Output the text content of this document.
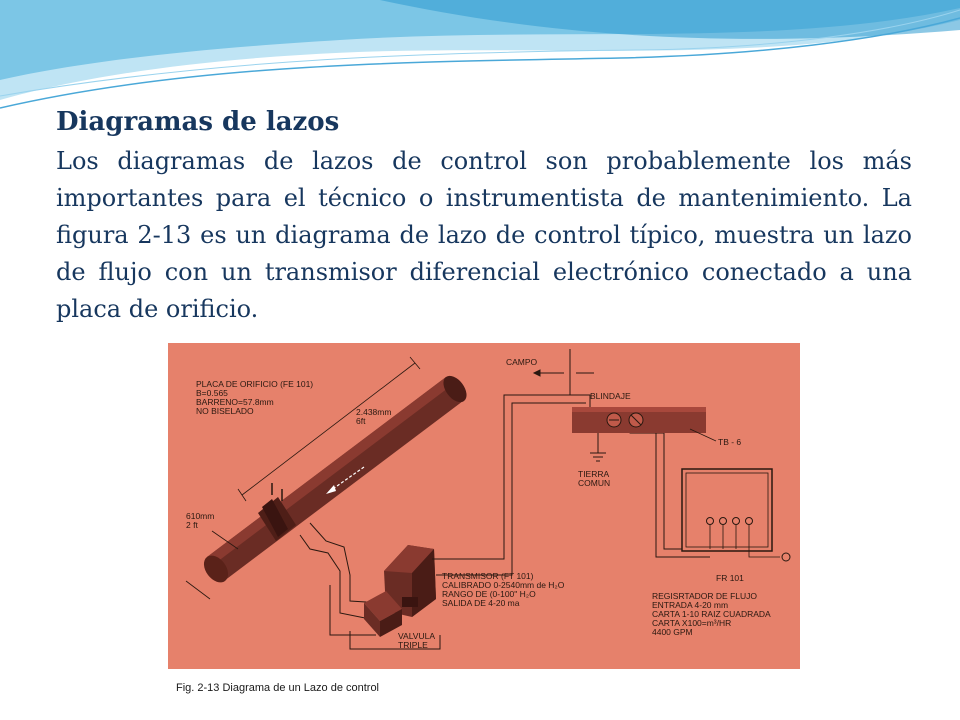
Diagramas de lazos

Los diagramas de lazos de control son probablemente los más importantes para el técnico o instrumentista de mantenimiento. La figura 2-13 es un diagrama de lazo de control típico, muestra un lazo de flujo con un transmisor diferencial electrónico conectado a una placa de orificio.

PLACA DE ORIFICIO (FE 101)
B=0.565
BARRENO=57.8mm
NO BISELADO	2.438mm
6ft
610mm
2 ft
CAMPO
BLINDAJE
TB - 6
TIERRA
COMUN
FR 101
TRANSMISOR (FT 101)
CALIBRADO 0-2540mm de H₂O
RANGO DE (0-100" H₂O
SALIDA DE 4-20 ma
VALVULA
TRIPLE
REGISRTADOR DE FLUJO
ENTRADA 4-20 mm
CARTA 1-10 RAIZ CUADRADA
CARTA X100=m³/HR
4400 GPM
Fig. 2-13 Diagrama de un Lazo de control
